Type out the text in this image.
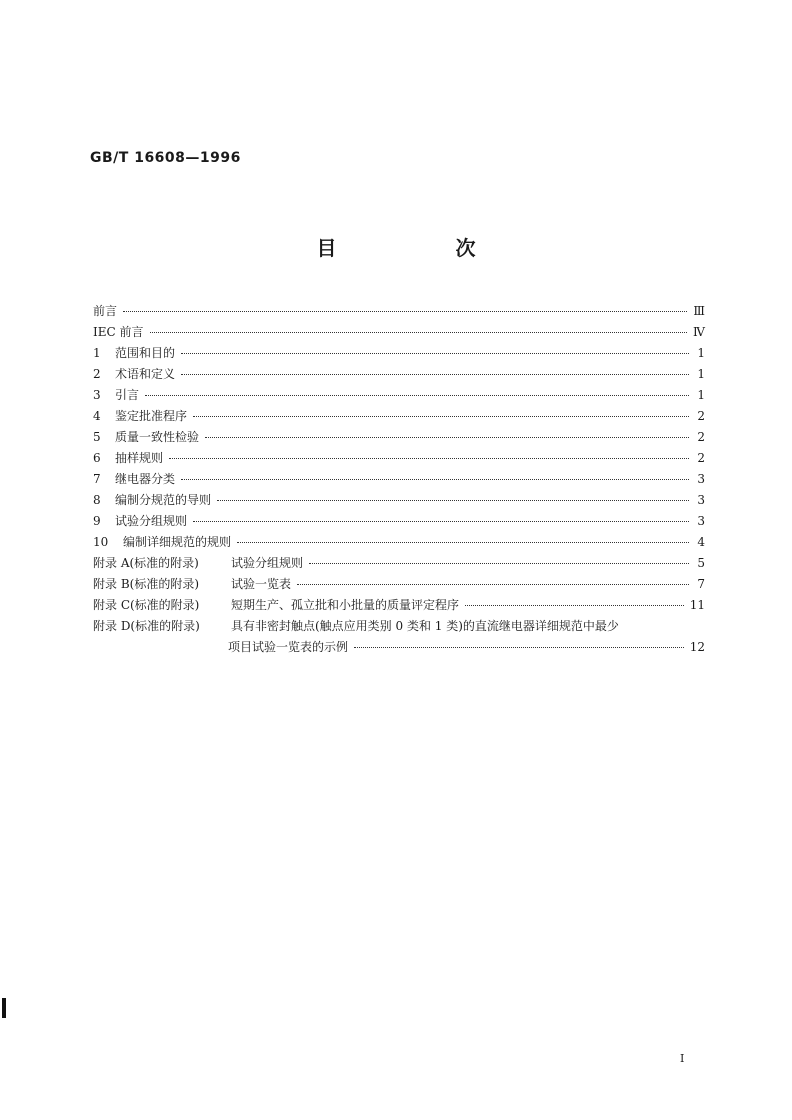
GB/T 16608—1996
目 次
前言	Ⅲ
IEC 前言	Ⅳ
1	范围和目的	1
2	术语和定义	1
3	引言	1
4	鉴定批准程序	2
5	质量一致性检验	2
6	抽样规则	2
7	继电器分类	3
8	编制分规范的导则	3
9	试验分组规则	3
10	编制详细规范的规则	4
附录 A(标准的附录)	试验分组规则	5
附录 B(标准的附录)	试验一览表	7
附录 C(标准的附录)	短期生产、孤立批和小批量的质量评定程序	11
附录 D(标准的附录)	具有非密封触点(触点应用类别 0 类和 1 类)的直流继电器详细规范中最少
项目试验一览表的示例	12
I
